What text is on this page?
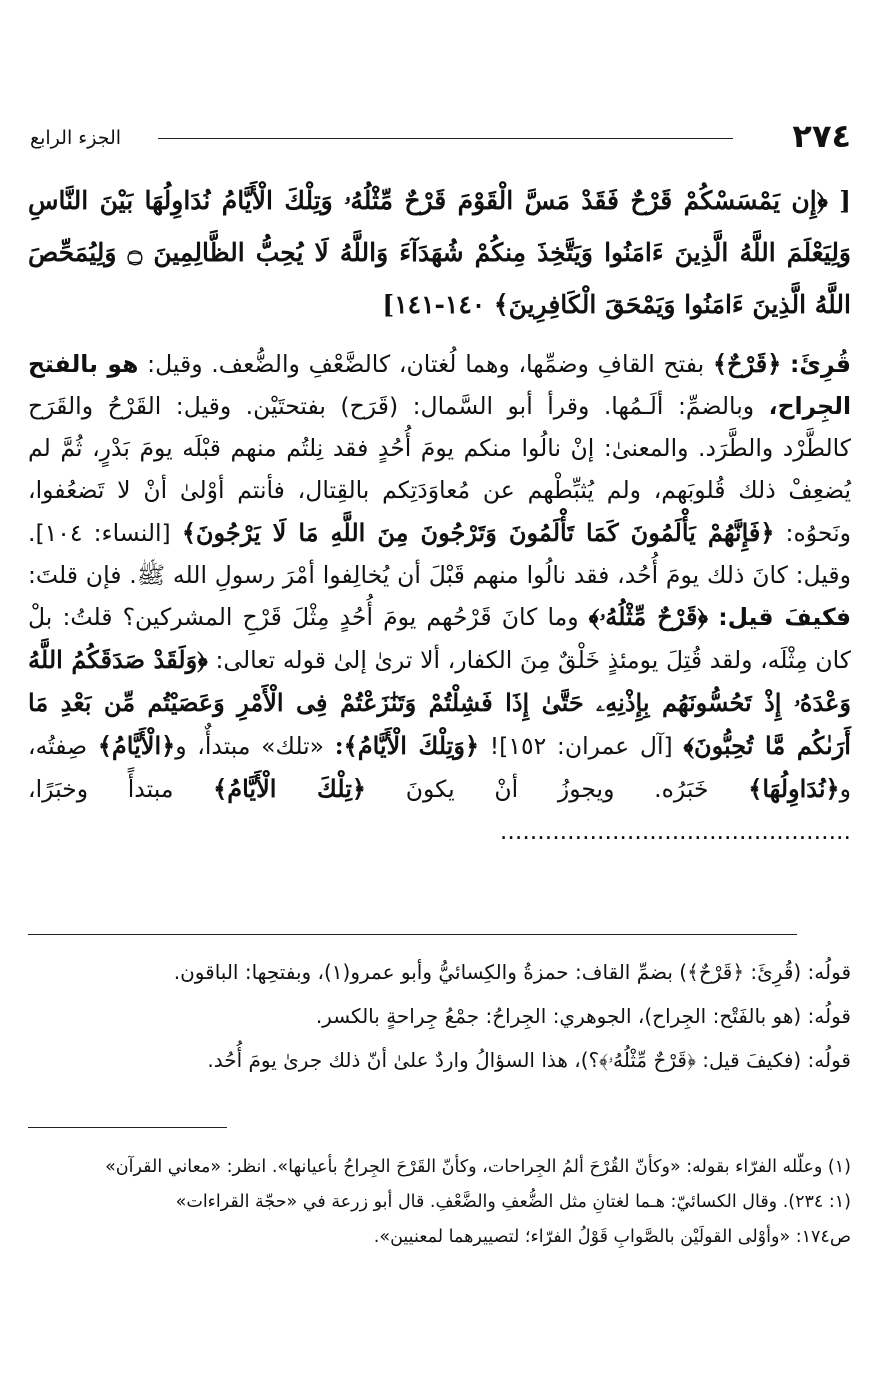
٢٧٤
الجزء الرابع
[ ﴿إِن يَمْسَسْكُمْ قَرْحٌ فَقَدْ مَسَّ الْقَوْمَ قَرْحٌ مِّثْلُهُۥ وَتِلْكَ الْأَيَّامُ نُدَاوِلُهَا بَيْنَ النَّاسِ وَلِيَعْلَمَ اللَّهُ الَّذِينَ ءَامَنُوا وَيَتَّخِذَ مِنكُمْ شُهَدَآءَ وَاللَّهُ لَا يُحِبُّ الظَّالِمِينَ ۝ وَلِيُمَحِّصَ اللَّهُ الَّذِينَ ءَامَنُوا وَيَمْحَقَ الْكَافِرِينَ﴾ ١٤٠-١٤١]
قُرِئَ: ﴿قَرْحٌ﴾ بفتح القافِ وضمِّها، وهما لُغتان، كالضَّعْفِ والضُّعف. وقيل: هو بالفتح الجِراح، وبالضمِّ: ألَـمُها. وقرأ أبو السَّمال: (قَرَح) بفتحتَيْن. وقيل: القَرْحُ والقَرَح كالطَّرْد والطَّرَد. والمعنىٰ: إنْ نالُوا منكم يومَ أُحُدٍ فقد نِلتُم منهم قبْلَه يومَ بَدْرٍ، ثُمَّ لم يُضعِفْ ذلك قُلوبَهم، ولم يُثبِّطْهم عن مُعاوَدَتِكم بالقِتال، فأنتم أوْلىٰ أنْ لا تَضعُفوا، ونَحوُه: ﴿فَإِنَّهُمْ يَأْلَمُونَ كَمَا تَأْلَمُونَ وَتَرْجُونَ مِنَ اللَّهِ مَا لَا يَرْجُونَ﴾ [النساء: ١٠٤]. وقيل: كانَ ذلك يومَ أُحُد، فقد نالُوا منهم قَبْلَ أن يُخالِفوا أمْرَ رسولِ الله ﷺ. فإن قلتَ: فكيفَ قيل: ﴿قَرْحٌ مِّثْلُهُۥ﴾ وما كانَ قَرْحُهم يومَ أُحُدٍ مِثْلَ قَرْحِ المشركين؟ قلتُ: بلْ كان مِثْلَه، ولقد قُتِلَ يومئذٍ خَلْقٌ مِنَ الكفار، ألا ترىٰ إلىٰ قوله تعالى: ﴿وَلَقَدْ صَدَقَكُمُ اللَّهُ وَعْدَهُۥ إِذْ تَحُسُّونَهُم بِإِذْنِهِۦ حَتَّىٰ إِذَا فَشِلْتُمْ وَتَنَٰزَعْتُمْ فِى الْأَمْرِ وَعَصَيْتُم مِّن بَعْدِ مَا أَرَىٰكُم مَّا تُحِبُّونَ﴾ [آل عمران: ١٥٢]! ﴿وَتِلْكَ الْأَيَّامُ﴾: «تلك» مبتدأٌ، و﴿الْأَيَّامُ﴾ صِفتُه، و﴿نُدَاوِلُهَا﴾ خَبَرُه. ويجوزُ أنْ يكونَ ﴿تِلْكَ الْأَيَّامُ﴾ مبتدأً وخبَرًا، ...............................................
قولُه: (قُرِئَ: ﴿قَرْحٌ﴾) بضمِّ القاف: حمزةُ والكِسائيُّ وأبو عمرو(١)، وبفتحِها: الباقون.
قولُه: (هو بالفَتْح: الجِراح)، الجوهري: الجِراحُ: جمْعُ جِراحةٍ بالكسر.
قولُه: (فكيفَ قيل: ﴿قَرْحٌ مِّثْلُهُۥ﴾؟)، هذا السؤالُ واردٌ علىٰ أنّ ذلك جرىٰ يومَ أُحُد.
(١) وعلّله الفرّاء بقوله: «وكأنّ القُرْحَ ألمُ الجِراحات، وكأنّ القَرْحَ الجِراحُ بأعيانها». انظر: «معاني القرآن»
(١: ٢٣٤). وقال الكسائيّ: هـما لغتانِ مثل الضُّعفِ والضَّعْفِ. قال أبو زرعة في «حجّة القراءات»
ص١٧٤: «وأوْلى القولَيْن بالصَّوابِ قَوْلُ الفرّاء؛ لتصييرهما لمعنيين».
